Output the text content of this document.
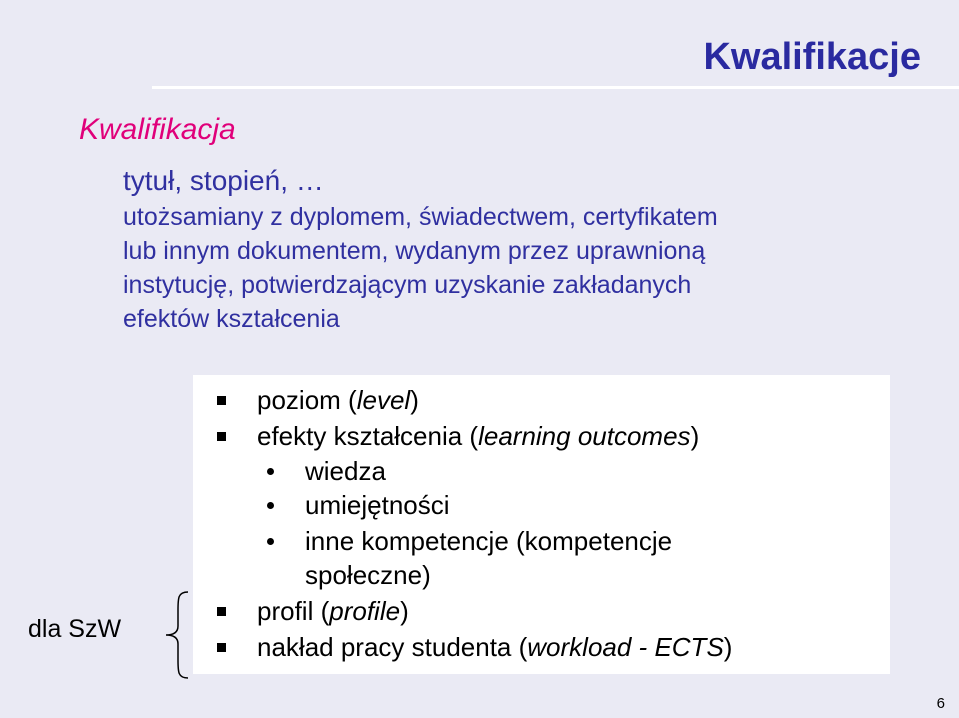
Kwalifikacje
Kwalifikacja
tytuł, stopień, …
utożsamiany z dyplomem, świadectwem, certyfikatem
lub innym dokumentem, wydanym przez uprawnioną
instytucję, potwierdzającym uzyskanie zakładanych
efektów kształcenia
poziom (level)
efekty kształcenia (learning outcomes)
wiedza
umiejętności
inne kompetencje (kompetencje
społeczne)
profil (profile)
nakład pracy studenta (workload - ECTS)
dla SzW
6
